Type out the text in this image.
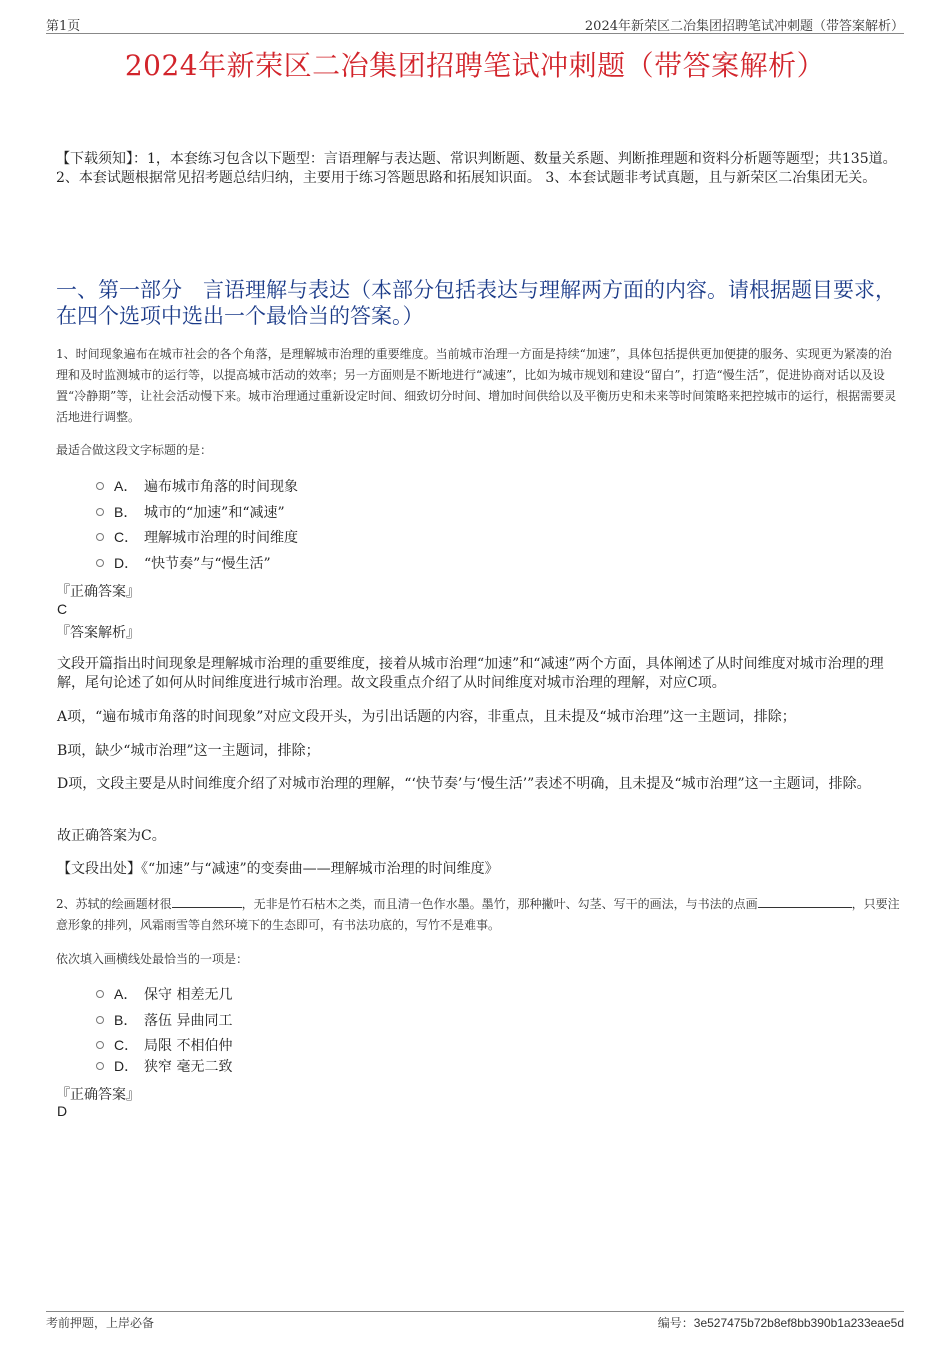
第1页	2024年新荣区二冶集团招聘笔试冲刺题（带答案解析）
2024年新荣区二冶集团招聘笔试冲刺题（带答案解析）
【下载须知】：1，本套练习包含以下题型：言语理解与表达题、常识判断题、数量关系题、判断推理题和资料分析题等题型；共135道。 2、本套试题根据常见招考题总结归纳，主要用于练习答题思路和拓展知识面。 3、本套试题非考试真题，且与新荣区二冶集团无关。
一、第一部分　言语理解与表达（本部分包括表达与理解两方面的内容。请根据题目要求，在四个选项中选出一个最恰当的答案。）
1、时间现象遍布在城市社会的各个角落，是理解城市治理的重要维度。当前城市治理一方面是持续“加速”，具体包括提供更加便捷的服务、实现更为紧凑的治理和及时监测城市的运行等，以提高城市活动的效率；另一方面则是不断地进行“减速”，比如为城市规划和建设“留白”，打造“慢生活”，促进协商对话以及设置“冷静期”等，让社会活动慢下来。城市治理通过重新设定时间、细致切分时间、增加时间供给以及平衡历史和未来等时间策略来把控城市的运行，根据需要灵活地进行调整。
最适合做这段文字标题的是：
A． 遍布城市角落的时间现象
B． 城市的“加速”和“减速”
C． 理解城市治理的时间维度
D． “快节奏”与“慢生活”
『正确答案』
C
『答案解析』
文段开篇指出时间现象是理解城市治理的重要维度，接着从城市治理“加速”和“减速”两个方面，具体阐述了从时间维度对城市治理的理解，尾句论述了如何从时间维度进行城市治理。故文段重点介绍了从时间维度对城市治理的理解，对应C项。
A项，“遍布城市角落的时间现象”对应文段开头，为引出话题的内容，非重点，且未提及“城市治理”这一主题词，排除；
B项，缺少“城市治理”这一主题词，排除；
D项，文段主要是从时间维度介绍了对城市治理的理解，“‘快节奏’与‘慢生活’”表述不明确，且未提及“城市治理”这一主题词，排除。
故正确答案为C。
【文段出处】《“加速”与“减速”的变奏曲——理解城市治理的时间维度》
2、苏轼的绘画题材很	，无非是竹石枯木之类，而且清一色作水墨。墨竹，那种撇叶、勾茎、写干的画法，与书法的点画	，只要注意形象的排列，风霜雨雪等自然环境下的生态即可，有书法功底的，写竹不是难事。
依次填入画横线处最恰当的一项是：
A． 保守 相差无几
B． 落伍 异曲同工
C． 局限 不相伯仲
D． 狭窄 毫无二致
『正确答案』
D
考前押题，上岸必备	编号：3e527475b72b8ef8bb390b1a233eae5d
